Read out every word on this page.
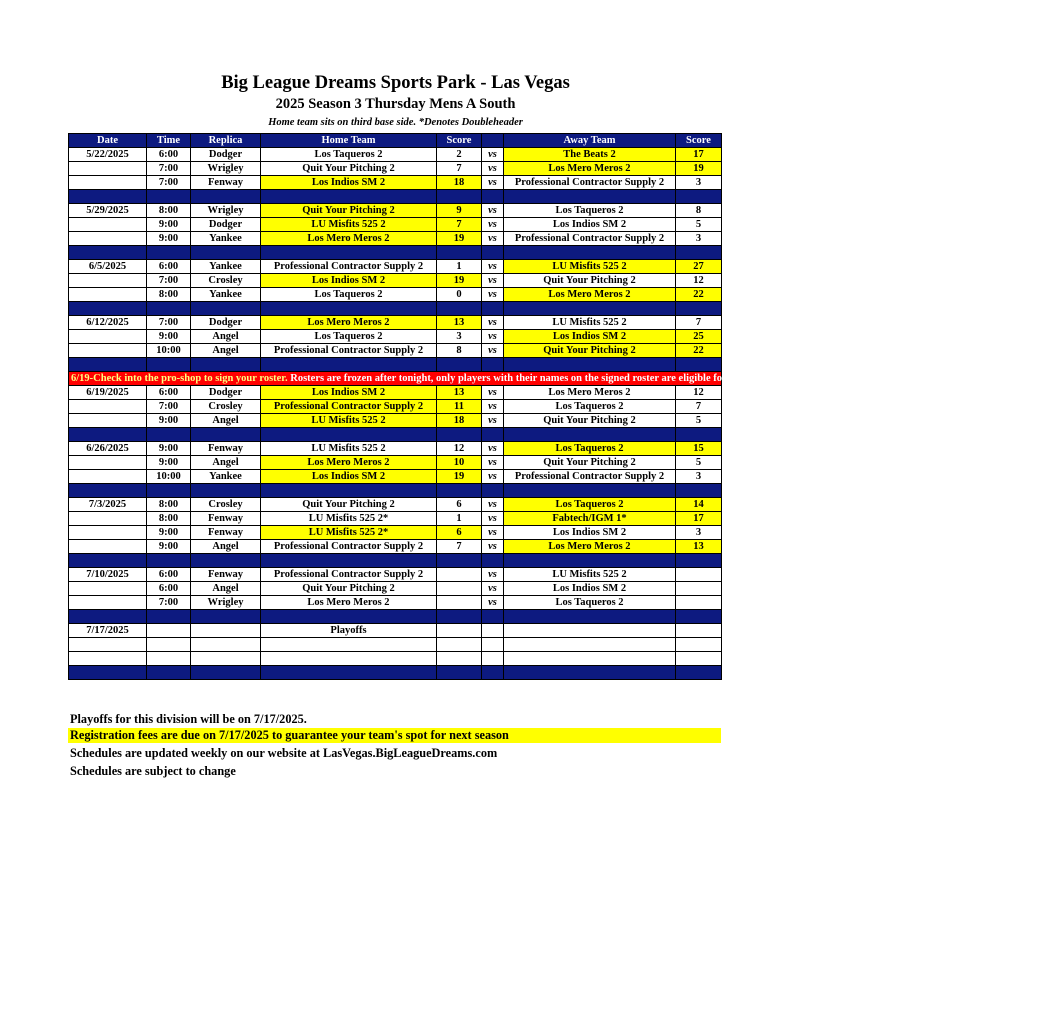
Big League Dreams Sports Park - Las Vegas
2025 Season 3 Thursday Mens A South
Home team sits on third base side. *Denotes Doubleheader
Date	Time	Replica	Home Team	Score		Away Team	Score
5/22/2025	6:00	Dodger	Los Taqueros 2	2	vs	The Beats 2	17
	7:00	Wrigley	Quit Your Pitching 2	7	vs	Los Mero Meros 2	19
	7:00	Fenway	Los Indios SM 2	18	vs	Professional Contractor Supply 2	3

5/29/2025	8:00	Wrigley	Quit Your Pitching 2	9	vs	Los Taqueros 2	8
	9:00	Dodger	LU Misfits 525 2	7	vs	Los Indios SM 2	5
	9:00	Yankee	Los Mero Meros 2	19	vs	Professional Contractor Supply 2	3

6/5/2025	6:00	Yankee	Professional Contractor Supply 2	1	vs	LU Misfits 525 2	27
	7:00	Crosley	Los Indios SM 2	19	vs	Quit Your Pitching 2	12
	8:00	Yankee	Los Taqueros 2	0	vs	Los Mero Meros 2	22

6/12/2025	7:00	Dodger	Los Mero Meros 2	13	vs	LU Misfits 525 2	7
	9:00	Angel	Los Taqueros 2	3	vs	Los Indios SM 2	25
	10:00	Angel	Professional Contractor Supply 2	8	vs	Quit Your Pitching 2	22

6/19-Check into the pro-shop to sign your roster. Rosters are frozen after tonight, only players with their names on the signed roster are eligible for playoffs. Please check carefully as changes will not be made for omissions.							
6/19/2025	6:00	Dodger	Los Indios SM 2	13	vs	Los Mero Meros 2	12
	7:00	Crosley	Professional Contractor Supply 2	11	vs	Los Taqueros 2	7
	9:00	Angel	LU Misfits 525 2	18	vs	Quit Your Pitching 2	5

6/26/2025	9:00	Fenway	LU Misfits 525 2	12	vs	Los Taqueros 2	15
	9:00	Angel	Los Mero Meros 2	10	vs	Quit Your Pitching 2	5
	10:00	Yankee	Los Indios SM 2	19	vs	Professional Contractor Supply 2	3

7/3/2025	8:00	Crosley	Quit Your Pitching 2	6	vs	Los Taqueros 2	14
	8:00	Fenway	LU Misfits 525 2*	1	vs	Fabtech/IGM 1*	17
	9:00	Fenway	LU Misfits 525 2*	6	vs	Los Indios SM 2	3
	9:00	Angel	Professional Contractor Supply 2	7	vs	Los Mero Meros 2	13

7/10/2025	6:00	Fenway	Professional Contractor Supply 2		vs	LU Misfits 525 2	
	6:00	Angel	Quit Your Pitching 2		vs	Los Indios SM 2	
	7:00	Wrigley	Los Mero Meros 2		vs	Los Taqueros 2	

7/17/2025			Playoffs				

Playoffs for this division will be on 7/17/2025.
Registration fees are due on 7/17/2025 to guarantee your team's spot for next season
Schedules are updated weekly on our website at LasVegas.BigLeagueDreams.com
Schedules are subject to change
